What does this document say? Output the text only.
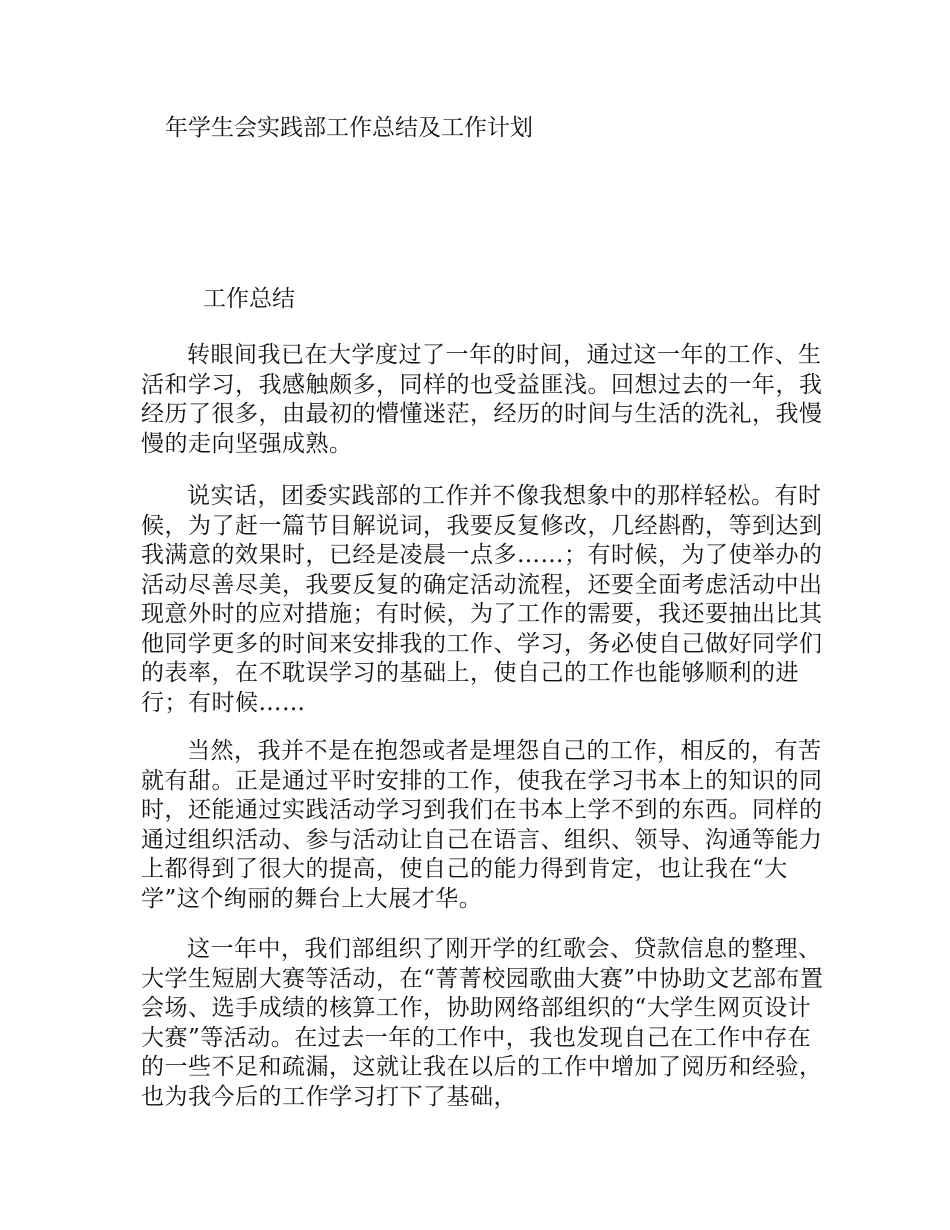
年学生会实践部工作总结及工作计划
工作总结

转眼间我已在大学度过了一年的时间，通过这一年的工作、生活和学习，我感触颇多，同样的也受益匪浅。回想过去的一年，我经历了很多，由最初的懵懂迷茫，经历的时间与生活的洗礼，我慢慢的走向坚强成熟。

说实话，团委实践部的工作并不像我想象中的那样轻松。有时候，为了赶一篇节目解说词，我要反复修改，几经斟酌，等到达到我满意的效果时，已经是凌晨一点多……；有时候，为了使举办的活动尽善尽美，我要反复的确定活动流程，还要全面考虑活动中出现意外时的应对措施；有时候，为了工作的需要，我还要抽出比其他同学更多的时间来安排我的工作、学习，务必使自己做好同学们的表率，在不耽误学习的基础上，使自己的工作也能够顺利的进行；有时候……

当然，我并不是在抱怨或者是埋怨自己的工作，相反的，有苦就有甜。正是通过平时安排的工作，使我在学习书本上的知识的同时，还能通过实践活动学习到我们在书本上学不到的东西。同样的通过组织活动、参与活动让自己在语言、组织、领导、沟通等能力上都得到了很大的提高，使自己的能力得到肯定，也让我在“大学”这个绚丽的舞台上大展才华。

这一年中，我们部组织了刚开学的红歌会、贷款信息的整理、大学生短剧大赛等活动，在“菁菁校园歌曲大赛”中协助文艺部布置会场、选手成绩的核算工作，协助网络部组织的“大学生网页设计大赛”等活动。在过去一年的工作中，我也发现自己在工作中存在的一些不足和疏漏，这就让我在以后的工作中增加了阅历和经验，也为我今后的工作学习打下了基础，
